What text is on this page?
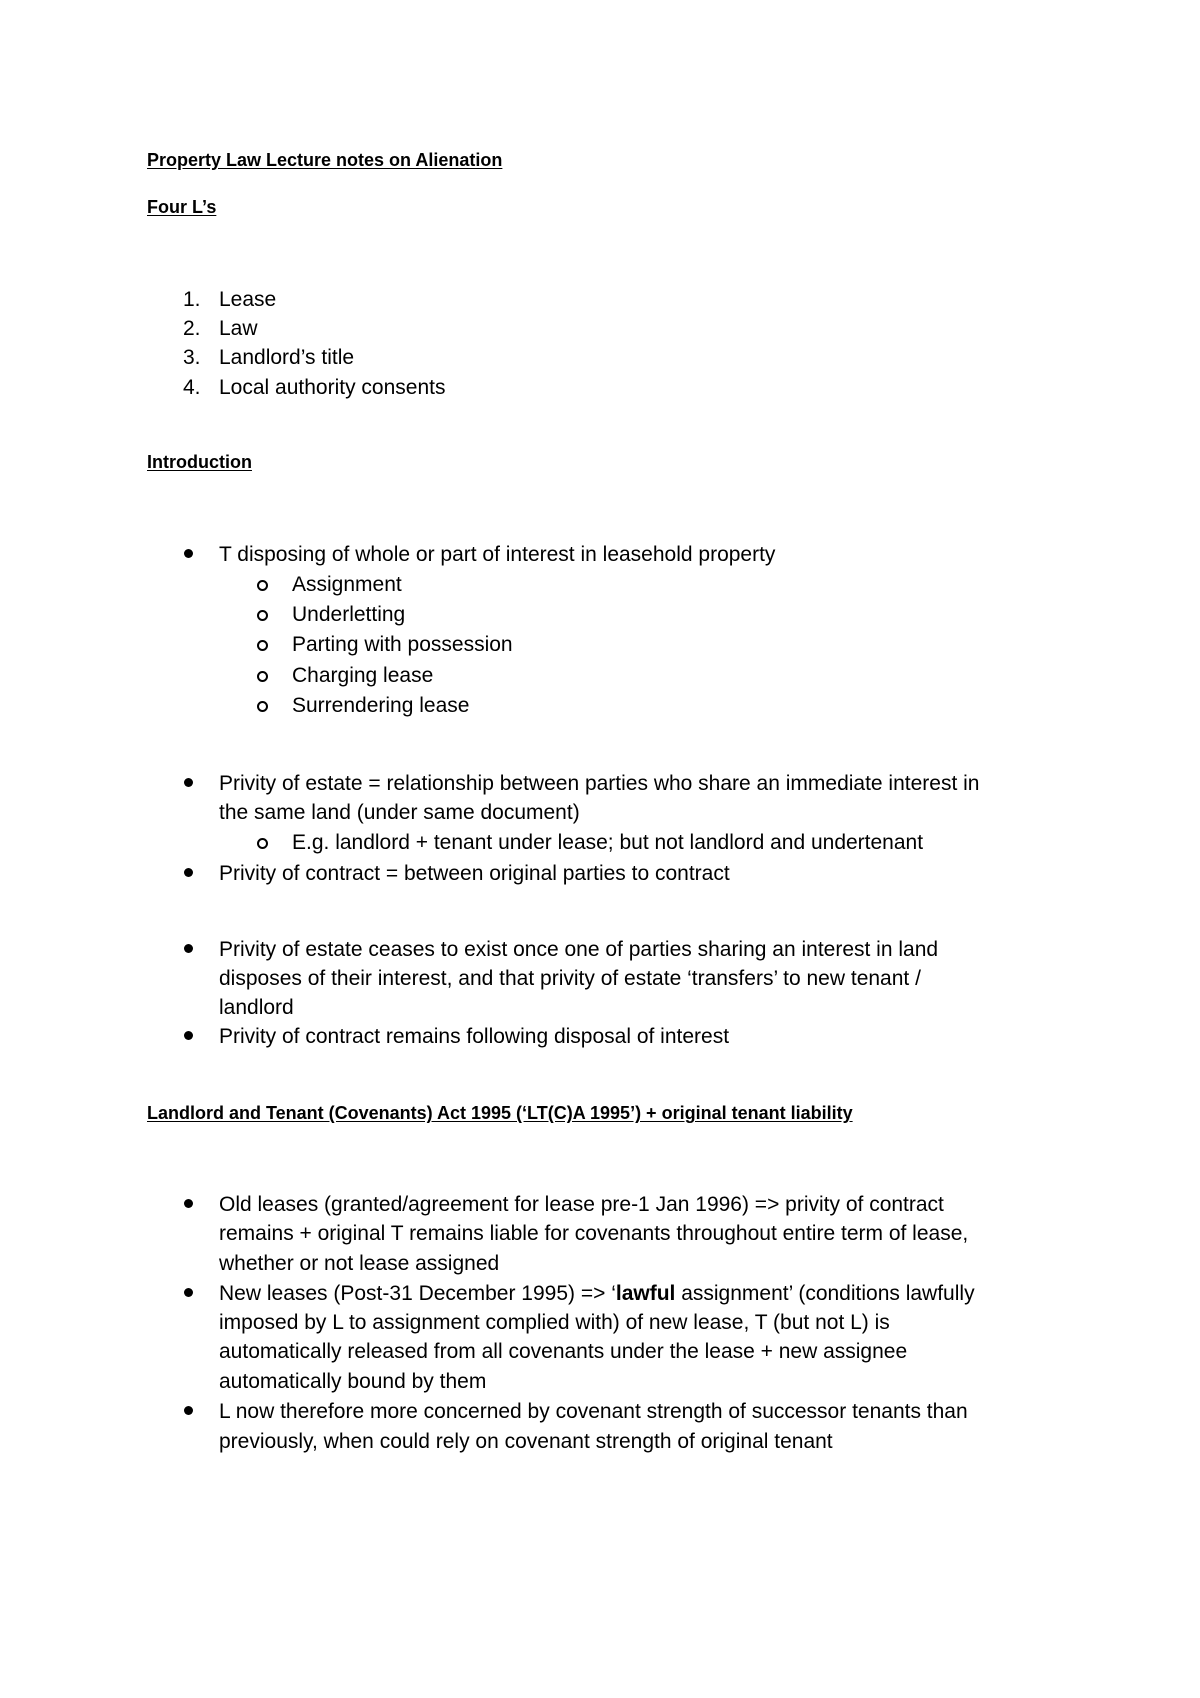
Property Law Lecture notes on Alienation
Four L’s
1. Lease
2. Law
3. Landlord’s title
4. Local authority consents
Introduction
T disposing of whole or part of interest in leasehold property
Assignment
Underletting
Parting with possession
Charging lease
Surrendering lease
Privity of estate = relationship between parties who share an immediate interest in
the same land (under same document)
E.g. landlord + tenant under lease; but not landlord and undertenant
Privity of contract = between original parties to contract
Privity of estate ceases to exist once one of parties sharing an interest in land
disposes of their interest, and that privity of estate ‘transfers’ to new tenant /
landlord
Privity of contract remains following disposal of interest
Landlord and Tenant (Covenants) Act 1995 (‘LT(C)A 1995’) + original tenant liability
Old leases (granted/agreement for lease pre-1 Jan 1996) => privity of contract
remains + original T remains liable for covenants throughout entire term of lease,
whether or not lease assigned
New leases (Post-31 December 1995) => ‘lawful assignment’ (conditions lawfully
imposed by L to assignment complied with) of new lease, T (but not L) is
automatically released from all covenants under the lease + new assignee
automatically bound by them
L now therefore more concerned by covenant strength of successor tenants than
previously, when could rely on covenant strength of original tenant
